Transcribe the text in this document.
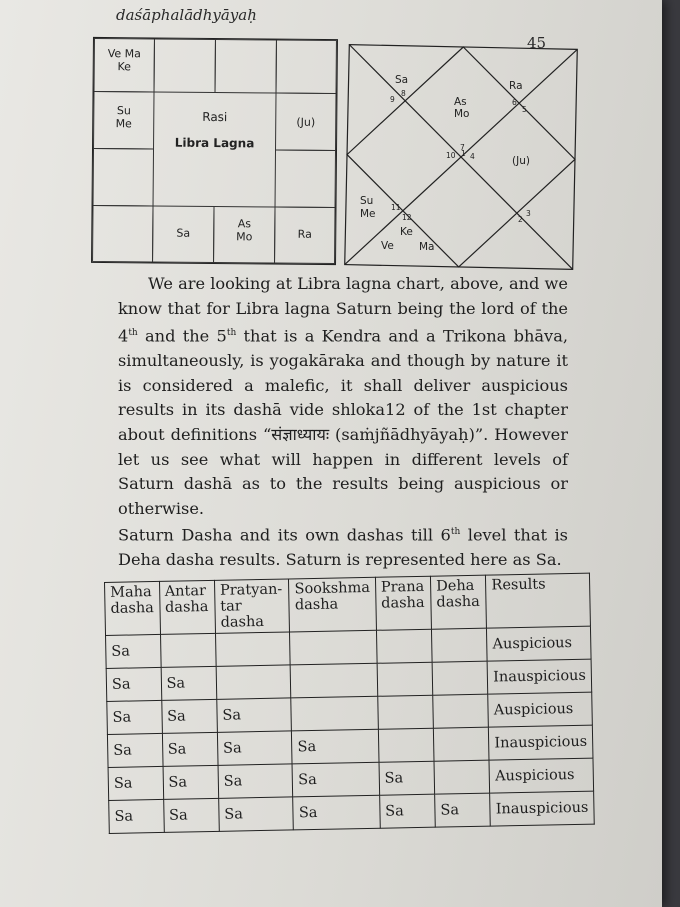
daśāphalādhyāyaḥ
45
Ve Ma
Ke
Su
Me	(Ju)
Sa
As
Mo	Ra
Rasi
Libra Lagna
Sa	Ra
As
Mo
(Ju)
Su
Me
Ke
Ve Ma
1
2
3
4
5
6
7
8
9
10
11
12
We are looking at Libra lagna chart, above, and we know that for Libra lagna Saturn being the lord of the 4th and the 5th that is a Kendra and a Trikona bhāva, simultaneously, is yogakāraka and though by nature it is considered a malefic, it shall deliver auspicious results in its dashā vide shloka12 of the 1st chapter about definitions “संज्ञाध्यायः (saṁjñādhyāyaḥ)”. However let us see what will happen in different levels of Saturn dashā as to the results being auspicious or otherwise.
Saturn Dasha and its own dashas till 6th level that is Deha dasha results. Saturn is represented here as Sa.
Maha dasha	Antar dasha	Pratyan-tar dasha	Sookshma dasha	Prana dasha	Deha dasha	Results
Sa						Auspicious
Sa	Sa					Inauspicious
Sa	Sa	Sa				Auspicious
Sa	Sa	Sa	Sa			Inauspicious
Sa	Sa	Sa	Sa	Sa		Auspicious
Sa	Sa	Sa	Sa	Sa	Sa	Inauspicious
